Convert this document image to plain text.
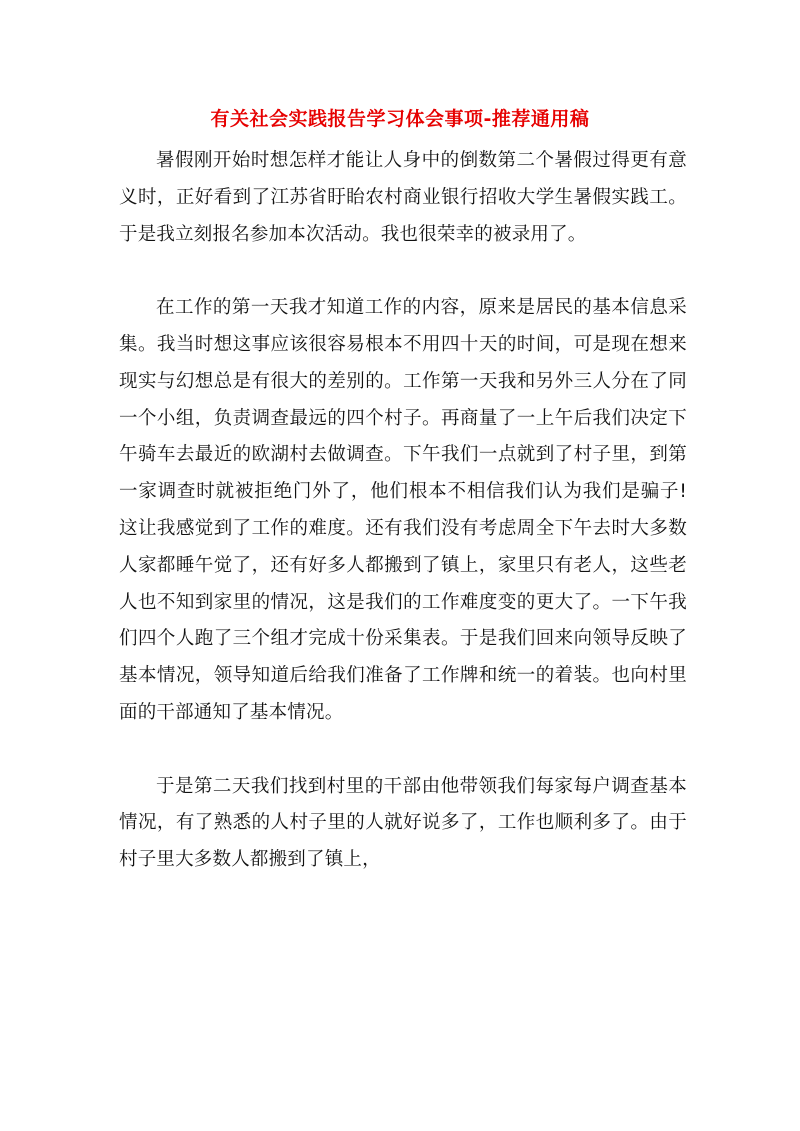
有关社会实践报告学习体会事项-推荐通用稿

暑假刚开始时想怎样才能让人身中的倒数第二个暑假过得更有意义时，正好看到了江苏省盱眙农村商业银行招收大学生暑假实践工。于是我立刻报名参加本次活动。我也很荣幸的被录用了。

在工作的第一天我才知道工作的内容，原来是居民的基本信息采集。我当时想这事应该很容易根本不用四十天的时间，可是现在想来现实与幻想总是有很大的差别的。工作第一天我和另外三人分在了同一个小组，负责调查最远的四个村子。再商量了一上午后我们决定下午骑车去最近的欧湖村去做调查。下午我们一点就到了村子里，到第一家调查时就被拒绝门外了，他们根本不相信我们认为我们是骗子!这让我感觉到了工作的难度。还有我们没有考虑周全下午去时大多数人家都睡午觉了，还有好多人都搬到了镇上，家里只有老人，这些老人也不知到家里的情况，这是我们的工作难度变的更大了。一下午我们四个人跑了三个组才完成十份采集表。于是我们回来向领导反映了基本情况，领导知道后给我们准备了工作牌和统一的着装。也向村里面的干部通知了基本情况。

于是第二天我们找到村里的干部由他带领我们每家每户调查基本情况，有了熟悉的人村子里的人就好说多了，工作也顺利多了。由于村子里大多数人都搬到了镇上，
